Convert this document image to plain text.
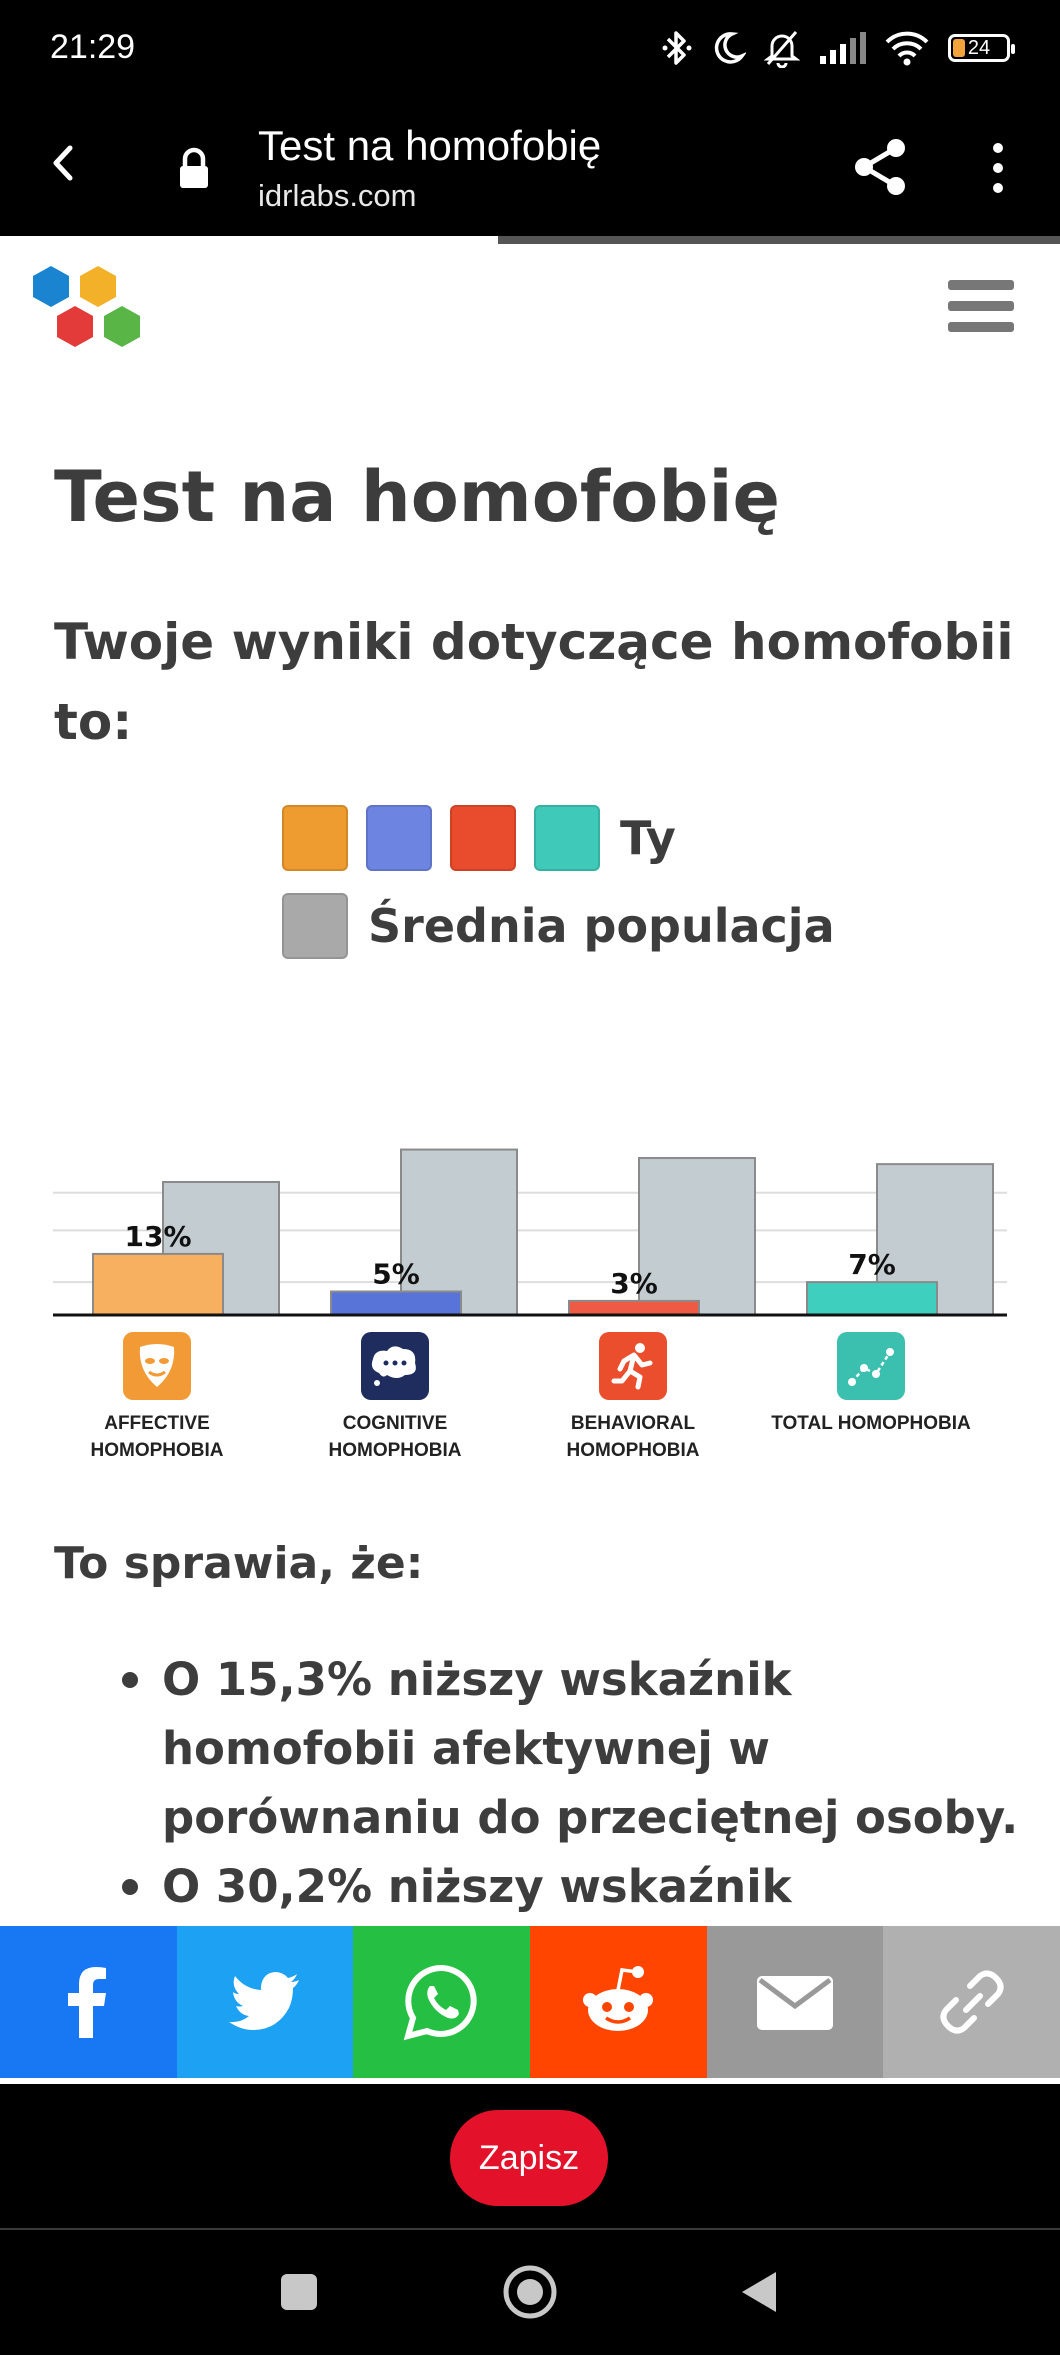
21:29	24
Test na homofobię
idrlabs.com
Test na homofobię
Twoje wyniki dotyczące homofobii to:
Ty
Średnia populacja
13%
5%	3%
7%
AFFECTIVE HOMOPHOBIA
COGNITIVE HOMOPHOBIA
BEHAVIORAL HOMOPHOBIA
TOTAL HOMOPHOBIA

To sprawia, że:

O 15,3% niższy wskaźnik homofobii afektywnej w porównaniu do przeciętnej osoby.
O 30,2% niższy wskaźnik
Zapisz
